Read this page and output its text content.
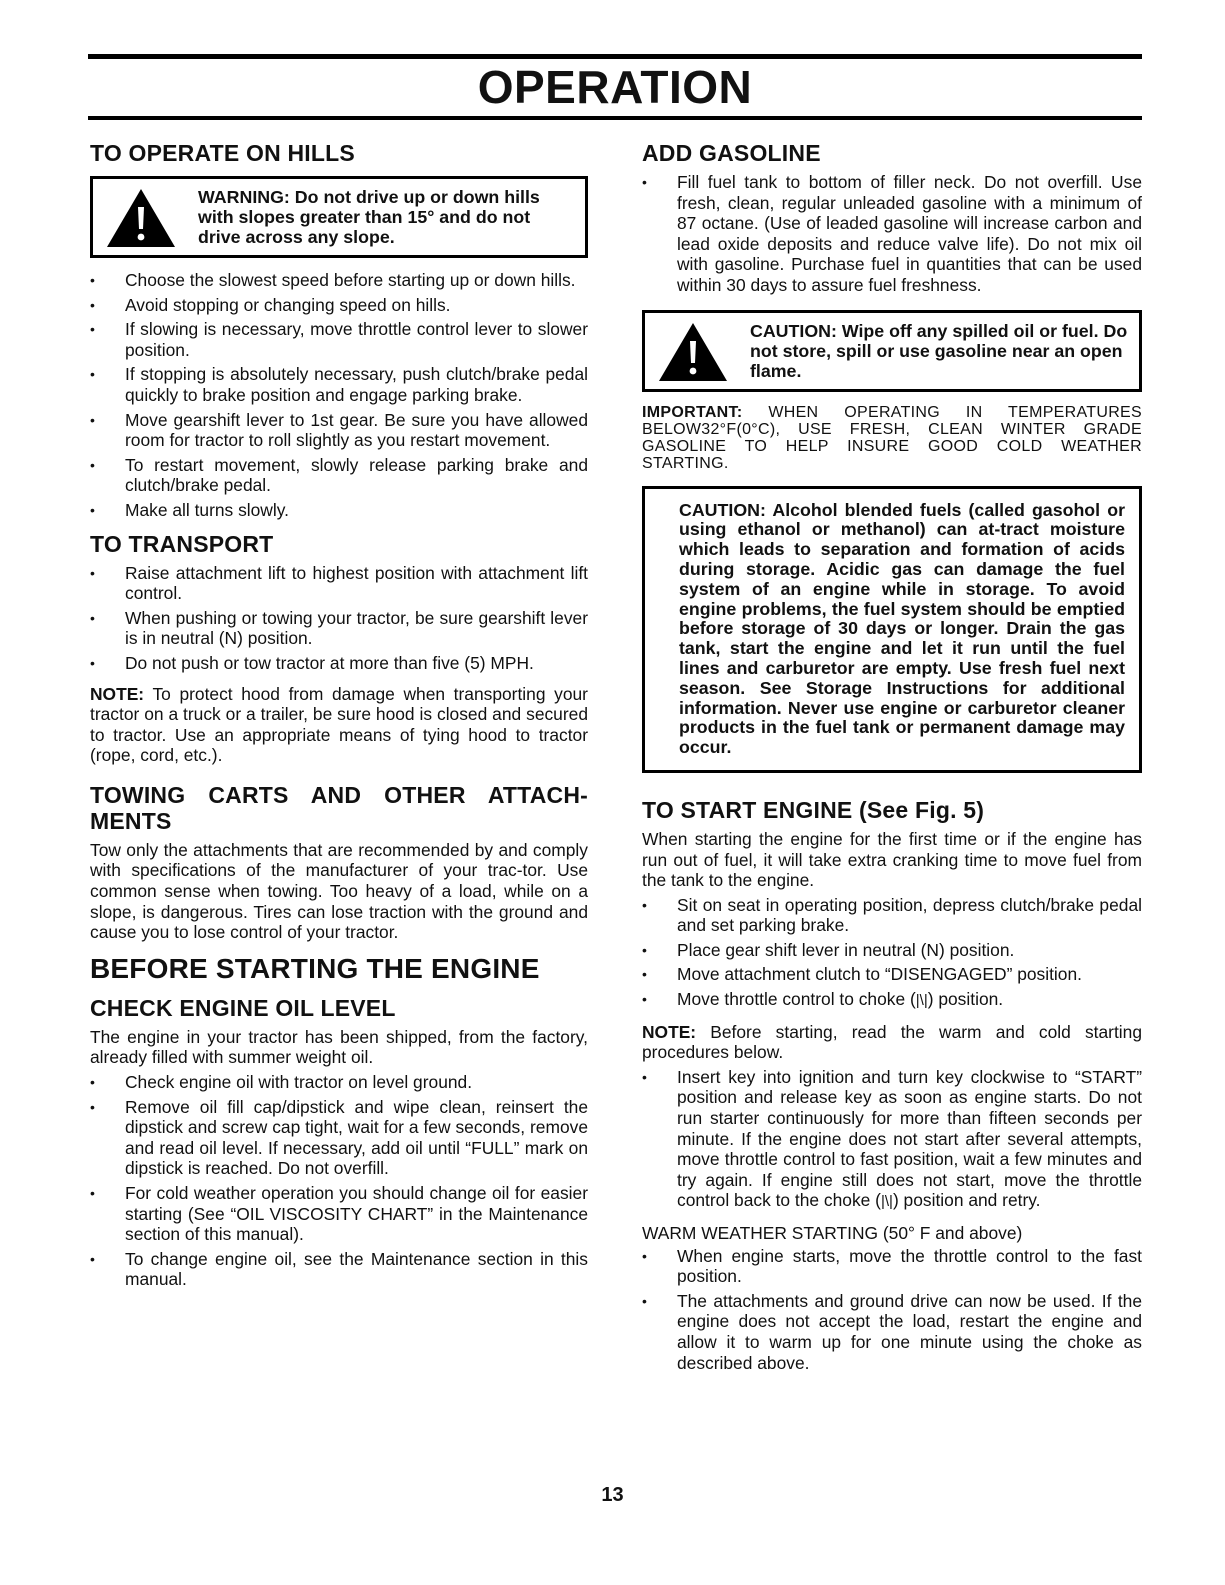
OPERATION
TO OPERATE ON HILLS
WARNING: Do not drive up or down hills with slopes greater than 15° and do not drive across any slope.
• Choose the slowest speed before starting up or down hills.
• Avoid stopping or changing speed on hills.
• If slowing is necessary, move throttle control lever to slower position.
• If stopping is absolutely necessary, push clutch/brake pedal quickly to brake position and engage parking brake.
• Move gearshift lever to 1st gear. Be sure you have allowed room for tractor to roll slightly as you restart movement.
• To restart movement, slowly release parking brake and clutch/brake pedal.
• Make all turns slowly.
TO TRANSPORT
• Raise attachment lift to highest position with attachment lift control.
• When pushing or towing your tractor, be sure gearshift lever is in neutral (N) position.
• Do not push or tow tractor at more than five (5) MPH.

NOTE: To protect hood from damage when transporting your tractor on a truck or a trailer, be sure hood is closed and secured to tractor. Use an appropriate means of tying hood to tractor (rope, cord, etc.).

TOWING CARTS AND OTHER ATTACH-MENTS

Tow only the attachments that are recommended by and comply with specifications of the manufacturer of your trac-tor. Use common sense when towing. Too heavy of a load, while on a slope, is dangerous. Tires can lose traction with the ground and cause you to lose control of your tractor.

BEFORE STARTING THE ENGINE
CHECK ENGINE OIL LEVEL

The engine in your tractor has been shipped, from the factory, already filled with summer weight oil.

• Check engine oil with tractor on level ground.
• Remove oil fill cap/dipstick and wipe clean, reinsert the dipstick and screw cap tight, wait for a few seconds, remove and read oil level. If necessary, add oil until “FULL” mark on dipstick is reached. Do not overfill.
• For cold weather operation you should change oil for easier starting (See “OIL VISCOSITY CHART” in the Maintenance section of this manual).
• To change engine oil, see the Maintenance section in this manual.
ADD GASOLINE
• Fill fuel tank to bottom of filler neck. Do not overfill. Use fresh, clean, regular unleaded gasoline with a minimum of 87 octane. (Use of leaded gasoline will increase carbon and lead oxide deposits and reduce valve life). Do not mix oil with gasoline. Purchase fuel in quantities that can be used within 30 days to assure fuel freshness.
CAUTION: Wipe off any spilled oil or fuel. Do not store, spill or use gasoline near an open flame.

IMPORTANT: WHEN OPERATING IN TEMPERATURES BELOW32°F(0°C), USE FRESH, CLEAN WINTER GRADE GASOLINE TO HELP INSURE GOOD COLD WEATHER STARTING.

CAUTION: Alcohol blended fuels (called gasohol or using ethanol or methanol) can at-tract moisture which leads to separation and formation of acids during storage. Acidic gas can damage the fuel system of an engine while in storage. To avoid engine problems, the fuel system should be emptied before storage of 30 days or longer. Drain the gas tank, start the engine and let it run until the fuel lines and carburetor are empty. Use fresh fuel next season. See Storage Instructions for additional information. Never use engine or carburetor cleaner products in the fuel tank or permanent damage may occur.

TO START ENGINE (See Fig. 5)

When starting the engine for the first time or if the engine has run out of fuel, it will take extra cranking time to move fuel from the tank to the engine.

• Sit on seat in operating position, depress clutch/brake pedal and set parking brake.
• Place gear shift lever in neutral (N) position.
• Move attachment clutch to “DISENGAGED” position.
• Move throttle control to choke (|\|) position.

NOTE: Before starting, read the warm and cold starting procedures below.

• Insert key into ignition and turn key clockwise to “START” position and release key as soon as engine starts. Do not run starter continuously for more than fifteen seconds per minute. If the engine does not start after several attempts, move throttle control to fast position, wait a few minutes and try again. If engine still does not start, move the throttle control back to the choke (|\|) position and retry.

WARM WEATHER STARTING (50° F and above)

• When engine starts, move the throttle control to the fast position.
• The attachments and ground drive can now be used. If the engine does not accept the load, restart the engine and allow it to warm up for one minute using the choke as described above.
13
